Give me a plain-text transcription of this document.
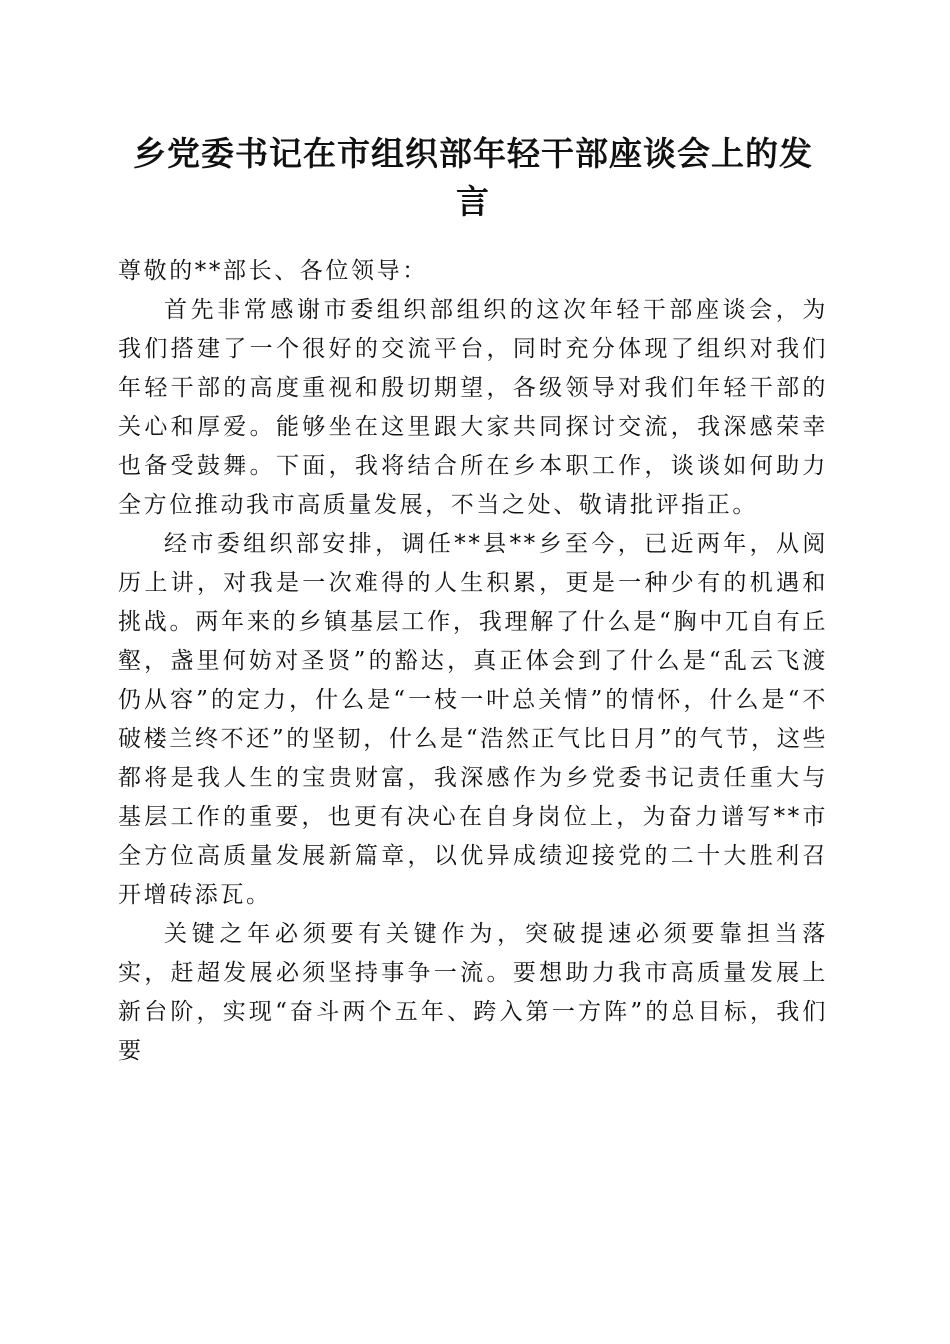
乡党委书记在市组织部年轻干部座谈会上的发言

尊敬的**部长、各位领导：

首先非常感谢市委组织部组织的这次年轻干部座谈会，为我们搭建了一个很好的交流平台，同时充分体现了组织对我们年轻干部的高度重视和殷切期望，各级领导对我们年轻干部的关心和厚爱。能够坐在这里跟大家共同探讨交流，我深感荣幸也备受鼓舞。下面，我将结合所在乡本职工作，谈谈如何助力全方位推动我市高质量发展，不当之处、敬请批评指正。

经市委组织部安排，调任**县**乡至今，已近两年，从阅历上讲，对我是一次难得的人生积累，更是一种少有的机遇和挑战。两年来的乡镇基层工作，我理解了什么是“胸中兀自有丘壑，盏里何妨对圣贤”的豁达，真正体会到了什么是“乱云飞渡仍从容”的定力，什么是“一枝一叶总关情”的情怀，什么是“不破楼兰终不还”的坚韧，什么是“浩然正气比日月”的气节，这些都将是我人生的宝贵财富，我深感作为乡党委书记责任重大与基层工作的重要，也更有决心在自身岗位上，为奋力谱写**市全方位高质量发展新篇章，以优异成绩迎接党的二十大胜利召开增砖添瓦。

关键之年必须要有关键作为，突破提速必须要靠担当落实，赶超发展必须坚持事争一流。要想助力我市高质量发展上新台阶，实现“奋斗两个五年、跨入第一方阵”的总目标，我们要
